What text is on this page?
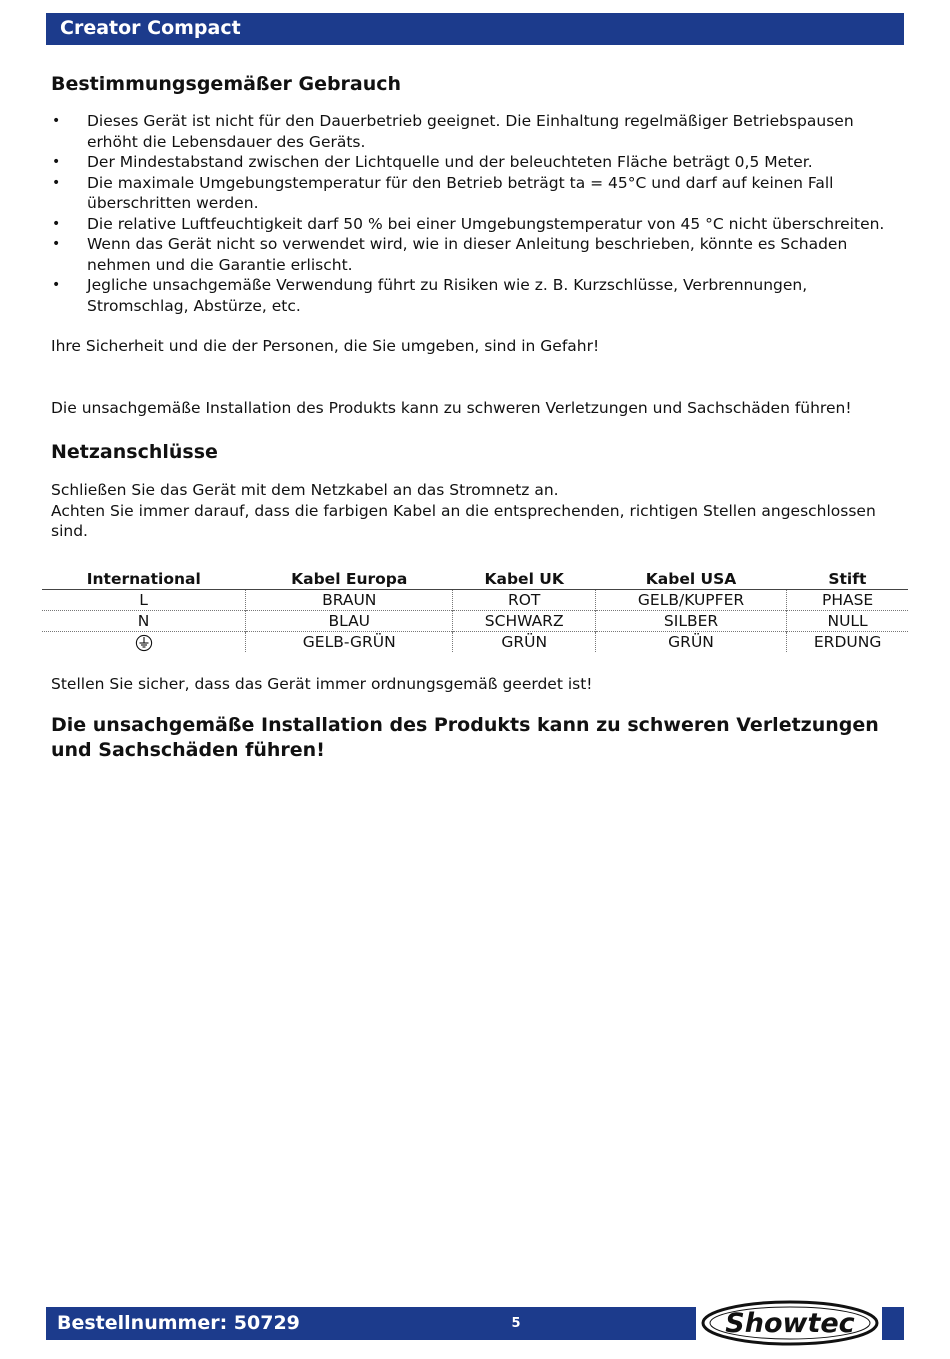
Creator Compact
Bestimmungsgemäßer Gebrauch
• Dieses Gerät ist nicht für den Dauerbetrieb geeignet. Die Einhaltung regelmäßiger Betriebspausen erhöht die Lebensdauer des Geräts.
• Der Mindestabstand zwischen der Lichtquelle und der beleuchteten Fläche beträgt 0,5 Meter.
• Die maximale Umgebungstemperatur für den Betrieb beträgt ta = 45°C und darf auf keinen Fall überschritten werden.
• Die relative Luftfeuchtigkeit darf 50 % bei einer Umgebungstemperatur von 45 °C nicht überschreiten.
• Wenn das Gerät nicht so verwendet wird, wie in dieser Anleitung beschrieben, könnte es Schaden nehmen und die Garantie erlischt.
• Jegliche unsachgemäße Verwendung führt zu Risiken wie z. B. Kurzschlüsse, Verbrennungen, Stromschlag, Abstürze, etc.

Ihre Sicherheit und die der Personen, die Sie umgeben, sind in Gefahr!

Die unsachgemäße Installation des Produkts kann zu schweren Verletzungen und Sachschäden führen!

Netzanschlüsse

Schließen Sie das Gerät mit dem Netzkabel an das Stromnetz an.

Achten Sie immer darauf, dass die farbigen Kabel an die entsprechenden, richtigen Stellen angeschlossen sind.

International	Kabel Europa	Kabel UK	Kabel USA	Stift
L	BRAUN	ROT	GELB/KUPFER	PHASE
N	BLAU	SCHWARZ	SILBER	NULL
	GELB-GRÜN	GRÜN	GRÜN	ERDUNG

Stellen Sie sicher, dass das Gerät immer ordnungsgemäß geerdet ist!

Die unsachgemäße Installation des Produkts kann zu schweren Verletzungen und Sachschäden führen!
Bestellnummer: 50729	5	Showtec
